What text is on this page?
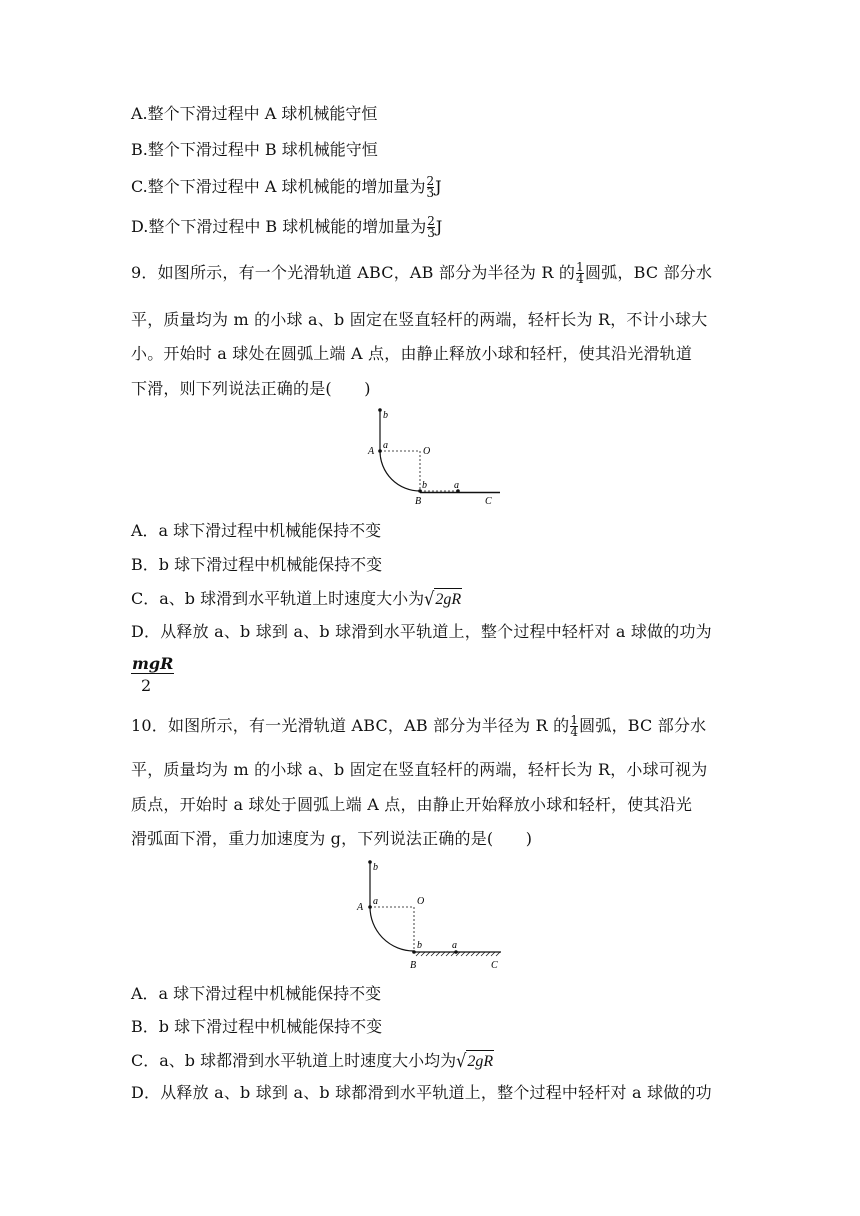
A.整个下滑过程中 A 球机械能守恒
B.整个下滑过程中 B 球机械能守恒
C.整个下滑过程中 A 球机械能的增加量为 $\frac{2}{3}$ J
D.整个下滑过程中 B 球机械能的增加量为 $\frac{2}{3}$ J
9．如图所示，有一个光滑轨道 ABC，AB 部分为半径为 R 的 $\frac{1}{4}$ 圆弧，BC 部分水
平，质量均为 m 的小球 a、b 固定在竖直轻杆的两端，轻杆长为 R，不计小球大
小。开始时 a 球处在圆弧上端 A 点，由静止释放小球和轻杆，使其沿光滑轨道
下滑，则下列说法正确的是(　　)
b
A
a
O
b	a
B	C
A．a 球下滑过程中机械能保持不变
B．b 球下滑过程中机械能保持不变
C．a、b 球滑到水平轨道上时速度大小为√2gR
D．从释放 a、b 球到 a、b 球滑到水平轨道上，整个过程中轻杆对 a 球做的功为
mgR
2
10．如图所示，有一光滑轨道 ABC，AB 部分为半径为 R 的 $\frac{1}{4}$ 圆弧，BC 部分水
平，质量均为 m 的小球 a、b 固定在竖直轻杆的两端，轻杆长为 R，小球可视为
质点，开始时 a 球处于圆弧上端 A 点，由静止开始释放小球和轻杆，使其沿光
滑弧面下滑，重力加速度为 g，下列说法正确的是(　　)
b
A
a	O
b	a
B	C
A．a 球下滑过程中机械能保持不变
B．b 球下滑过程中机械能保持不变
C．a、b 球都滑到水平轨道上时速度大小均为√2gR
D．从释放 a、b 球到 a、b 球都滑到水平轨道上，整个过程中轻杆对 a 球做的功
